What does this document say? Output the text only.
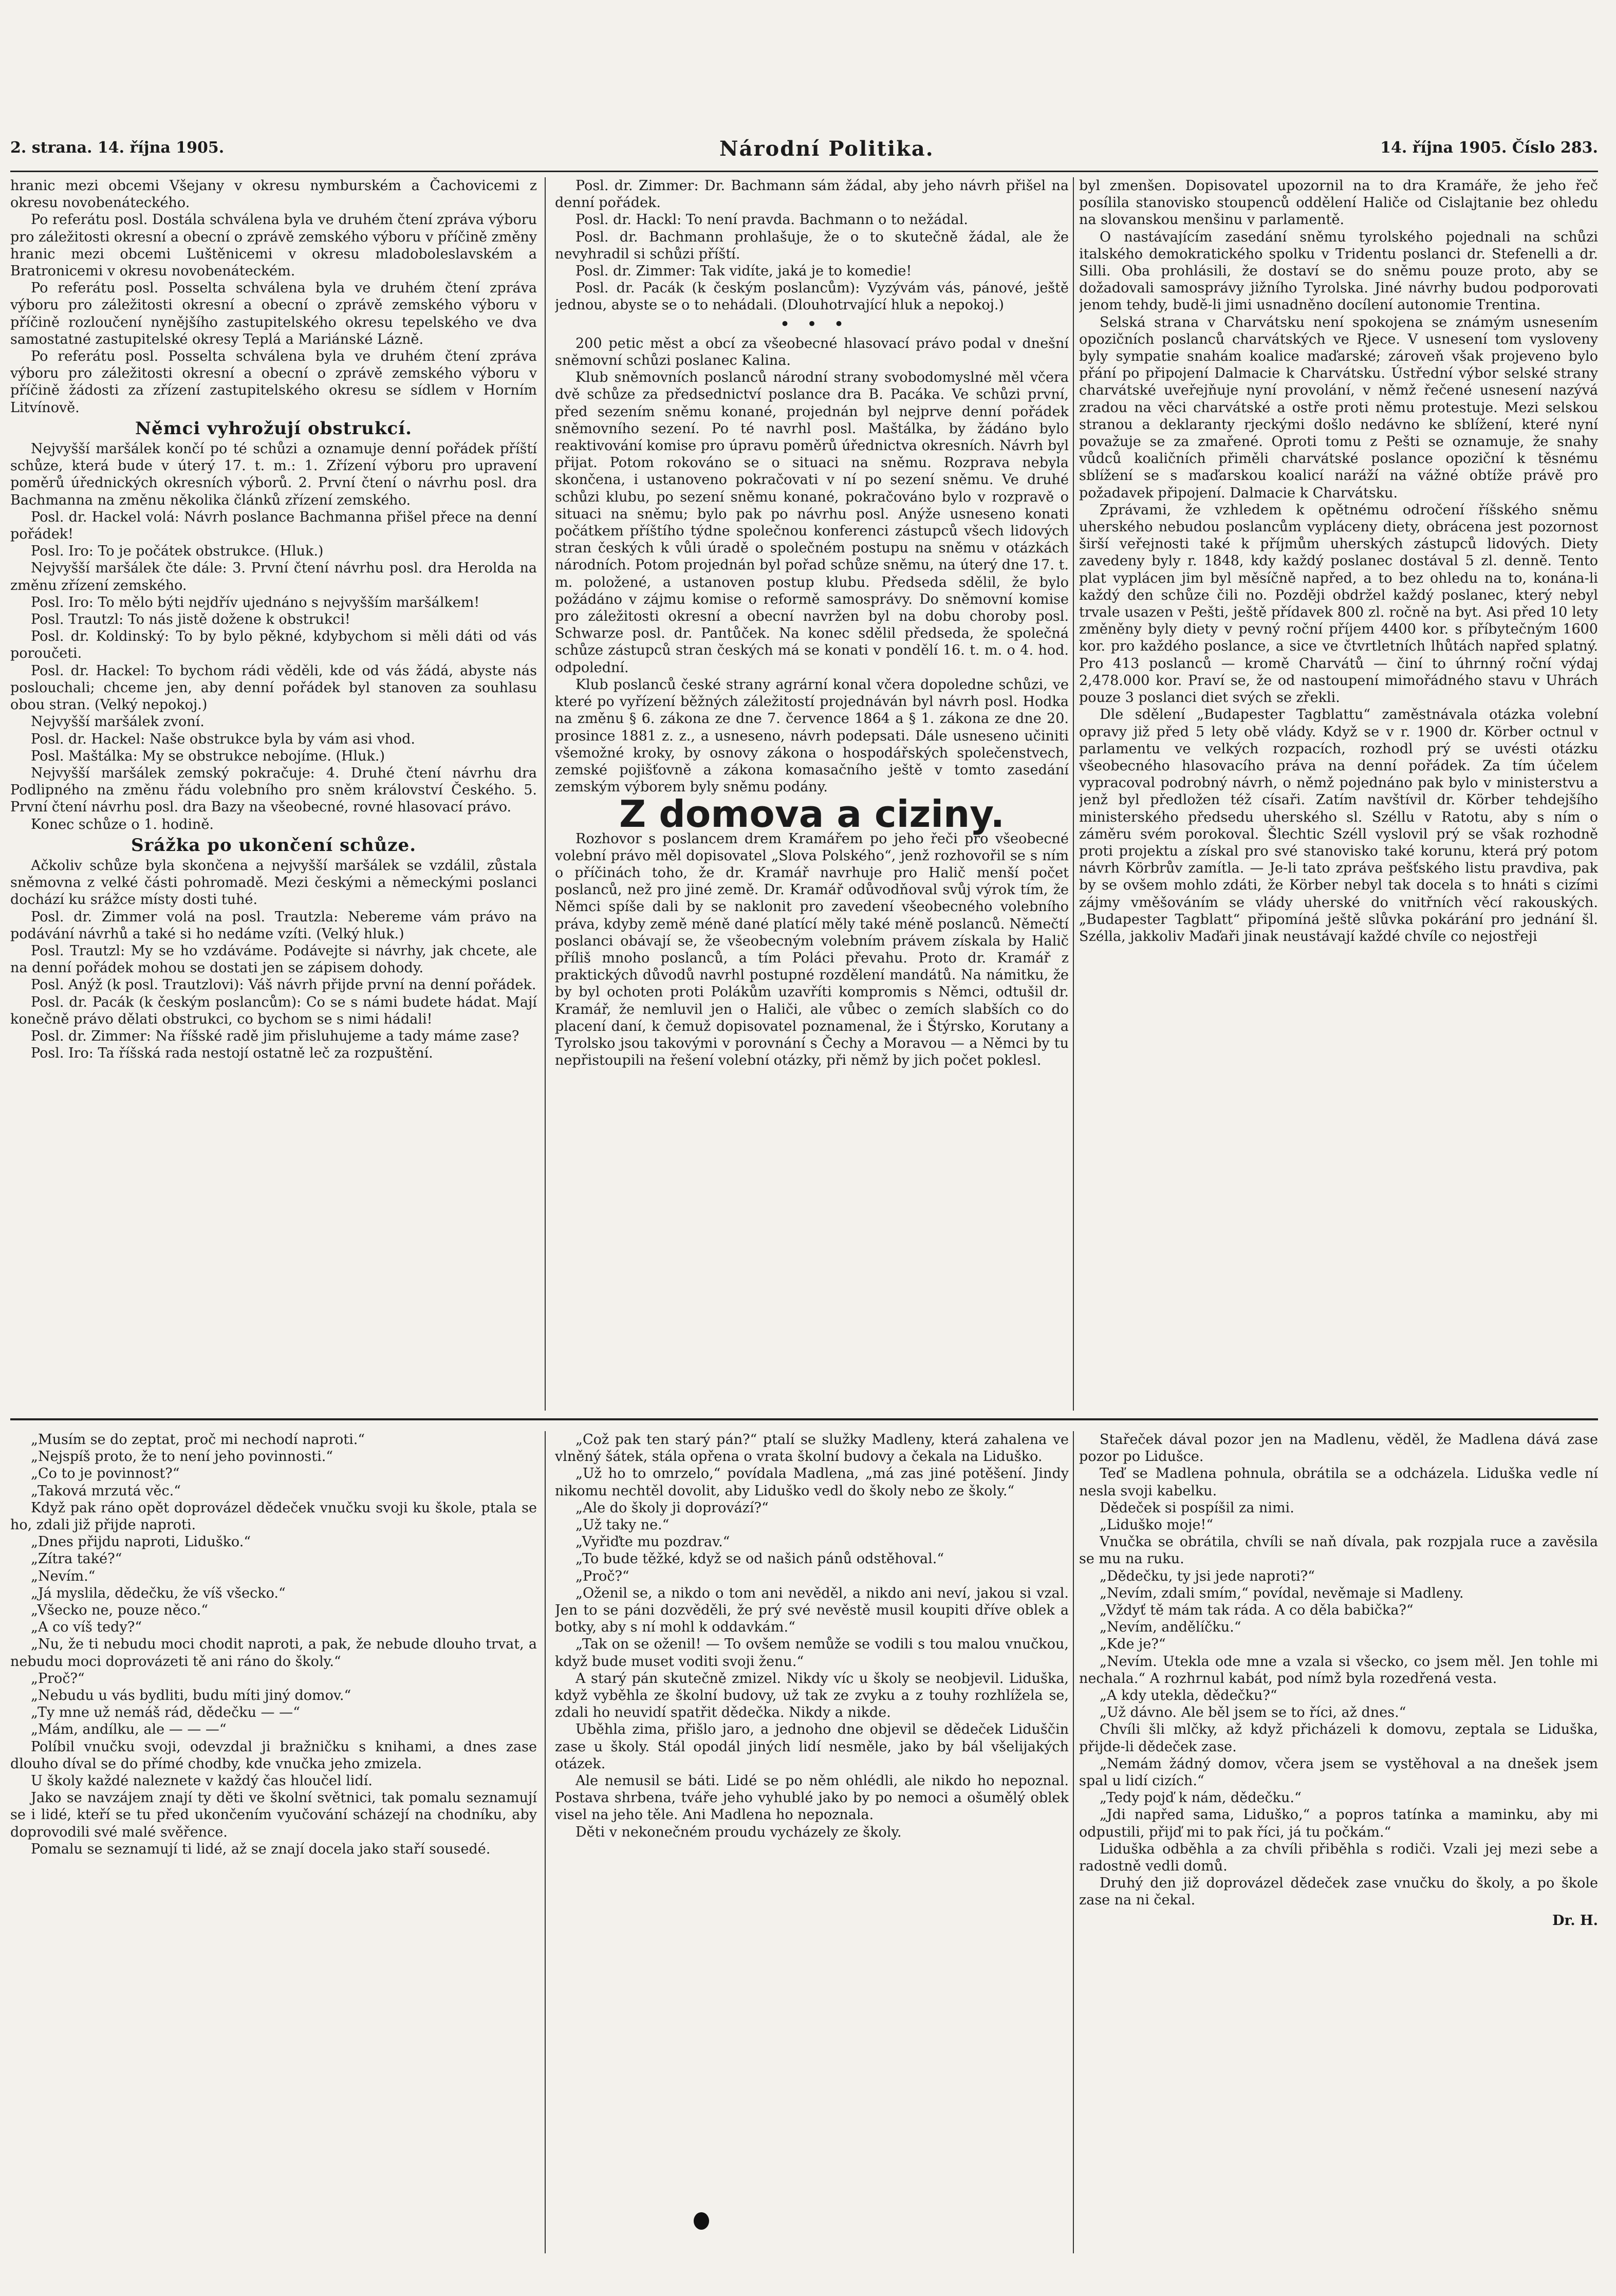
2. strana. 14. října 1905.	Národní Politika.	14. října 1905. Číslo 283.

hranic mezi obcemi Všejany v okresu nymburském a Čachovicemi z okresu novobenáteckého.

Po referátu posl. Dostála schválena byla ve druhém čtení zpráva výboru pro záležitosti okresní a obecní o zprávě zemského výboru v příčině změny hranic mezi obcemi Luštěnicemi v okresu mladoboleslavském a Bratronicemi v okresu novobenáteckém.

Po referátu posl. Posselta schválena byla ve druhém čtení zpráva výboru pro záležitosti okresní a obecní o zprávě zemského výboru v příčině rozloučení nynějšího zastupitelského okresu tepelského ve dva samostatné zastupitelské okresy Teplá a Mariánské Lázně.

Po referátu posl. Posselta schválena byla ve druhém čtení zpráva výboru pro záležitosti okresní a obecní o zprávě zemského výboru v příčině žádosti za zřízení zastupitelského okresu se sídlem v Horním Litvínově.

Němci vyhrožují obstrukcí.

Nejvyšší maršálek končí po té schůzi a oznamuje denní pořádek příští schůze, která bude v úterý 17. t. m.: 1. Zřízení výboru pro upravení poměrů úřednických okresních výborů. 2. První čtení o návrhu posl. dra Bachmanna na změnu několika článků zřízení zemského.

Posl. dr. Hackel volá: Návrh poslance Bachmanna přišel přece na denní pořádek!

Posl. Iro: To je počátek obstrukce. (Hluk.)

Nejvyšší maršálek čte dále: 3. První čtení návrhu posl. dra Herolda na změnu zřízení zemského.

Posl. Iro: To mělo býti nejdřív ujednáno s nejvyšším maršálkem!

Posl. Trautzl: To nás jistě dožene k obstrukci!

Posl. dr. Koldinský: To by bylo pěkné, kdybychom si měli dáti od vás poroučeti.

Posl. dr. Hackel: To bychom rádi věděli, kde od vás žádá, abyste nás poslouchali; chceme jen, aby denní pořádek byl stanoven za souhlasu obou stran. (Velký nepokoj.)

Nejvyšší maršálek zvoní.

Posl. dr. Hackel: Naše obstrukce byla by vám asi vhod.

Posl. Maštálka: My se obstrukce nebojíme. (Hluk.)

Nejvyšší maršálek zemský pokračuje: 4. Druhé čtení návrhu dra Podlipného na změnu řádu volebního pro sněm království Českého. 5. První čtení návrhu posl. dra Bazy na všeobecné, rovné hlasovací právo.

Konec schůze o 1. hodině.

Srážka po ukončení schůze.

Ačkoliv schůze byla skončena a nejvyšší maršálek se vzdálil, zůstala sněmovna z velké části pohromadě. Mezi českými a německými poslanci dochází ku srážce místy dosti tuhé.

Posl. dr. Zimmer volá na posl. Trautzla: Neberemе vám právo na podávání návrhů a také si ho nedáme vzíti. (Velký hluk.)

Posl. Trautzl: My se ho vzdáváme. Podávejte si návrhy, jak chcete, ale na denní pořádek mohou se dostati jen se zápisem dohody.

Posl. Anýž (k posl. Trautzlovi): Váš návrh přijde první na denní pořádek.

Posl. dr. Pacák (k českým poslancům): Co se s námi budete hádat. Mají konečně právo dělati obstrukci, co bychom se s nimi hádali!

Posl. dr. Zimmer: Na říšské radě jim přisluhujeme a tady máme zase?

Posl. Iro: Ta říšská rada nestojí ostatně leč za rozpuštění.

Posl. dr. Zimmer: Dr. Bachmann sám žádal, aby jeho návrh přišel na denní pořádek.

Posl. dr. Hackl: To není pravda. Bachmann o to nežádal.

Posl. dr. Bachmann prohlašuje, že o to skutečně žádal, ale že nevyhradil si schůzi příští.

Posl. dr. Zimmer: Tak vidíte, jaká je to komedie!

Posl. dr. Pacák (k českým poslancům): Vyzývám vás, pánové, ještě jednou, abyste se o to nehádali. (Dlouhotrvající hluk a nepokoj.)

•   •   •

200 petic měst a obcí za všeobecné hlasovací právo podal v dnešní sněmovní schůzi poslanec Kalina.

Klub sněmovních poslanců národní strany svobodomyslné měl včera dvě schůze za předsednictví poslance dra B. Pacáka. Ve schůzi první, před sezením sněmu konané, projednán byl nejprve denní pořádek sněmovního sezení. Po té navrhl posl. Maštálka, by žádáno bylo reaktivování komise pro úpravu poměrů úřednictva okresních. Návrh byl přijat. Potom rokováno se o situaci na sněmu. Rozprava nebyla skončena, i ustanoveno pokračovati v ní po sezení sněmu. Ve druhé schůzi klubu, po sezení sněmu konané, pokračováno bylo v rozpravě o situaci na sněmu; bylo pak po návrhu posl. Anýže usneseno konati počátkem příštího týdne společnou konferenci zástupců všech lidových stran českých k vůli úradě o společném postupu na sněmu v otázkách národních. Potom projednán byl pořad schůze sněmu, na úterý dne 17. t. m. položené, a ustanoven postup klubu. Předseda sdělil, že bylo požádáno v zájmu komise o reformě samosprávy. Do sněmovní komise pro záležitosti okresní a obecní navržen byl na dobu choroby posl. Schwarze posl. dr. Pantůček. Na konec sdělil předseda, že společná schůze zástupců stran českých má se konati v pondělí 16. t. m. o 4. hod. odpolední.

Klub poslanců české strany agrární konal včera dopoledne schůzi, ve které po vyřízení běžných záležitostí projednáván byl návrh posl. Hodka na změnu § 6. zákona ze dne 7. července 1864 a § 1. zákona ze dne 20. prosince 1881 z. z., a usneseno, návrh podepsati. Dále usneseno učiniti všemožné kroky, by osnovy zákona o hospodářských společenstvech, zemské pojišťovně a zákona komasačního ještě v tomto zasedání zemským výborem byly sněmu podány.

Z domova a ciziny.

Rozhovor s poslancem drem Kramářem po jeho řeči pro všeobecné volební právo měl dopisovatel „Slova Polského“, jenž rozhovořil se s ním o příčinách toho, že dr. Kramář navrhuje pro Halič menší počet poslanců, než pro jiné země. Dr. Kramář odůvodňoval svůj výrok tím, že Němci spíše dali by se naklonit pro zavedení všeobecného volebního práva, kdyby země méně dané platící měly také méně poslanců. Němečtí poslanci obávají se, že všeobecným volebním právem získala by Halič příliš mnoho poslanců, a tím Poláci převahu. Proto dr. Kramář z praktických důvodů navrhl postupné rozdělení mandátů. Na námitku, že by byl ochoten proti Polákům uzavříti kompromis s Němci, odtušil dr. Kramář, že nemluvil jen o Haliči, ale vůbec o zemích slabších co do placení daní, k čemuž dopisovatel poznamenal, že i Štýrsko, Korutany a Tyrolsko jsou takovými v porovnání s Čechy a Moravou — a Němci by tu nepřistoupili na řešení volební otázky, při němž by jich počet poklesl.

byl zmenšen. Dopisovatel upozornil na to dra Kramáře, že jeho řeč posílila stanovisko stoupenců oddělení Haliče od Cislajtanie bez ohledu na slovanskou menšinu v parlamentě.

O nastávajícím zasedání sněmu tyrolského pojednali na schůzi italského demokratického spolku v Tridentu poslanci dr. Stefenelli a dr. Silli. Oba prohlásili, že dostaví se do sněmu pouze proto, aby se dožadovali samosprávy jižního Tyrolska. Jiné návrhy budou podporovati jenom tehdy, budě-li jimi usnadněno docílení autonomie Trentina.

Selská strana v Charvátsku není spokojena se známým usnesením opozičních poslanců charvátských ve Rjece. V usnesení tom vysloveny byly sympatie snahám koalice maďarské; zároveň však projeveno bylo přání po připojení Dalmacie k Charvátsku. Ústřední výbor selské strany charvátské uveřejňuje nyní provolání, v němž řečené usnesení nazývá zradou na věci charvátské a ostře proti němu protestuje. Mezi selskou stranou a deklaranty rjeckými došlo nedávno ke sblížení, které nyní považuje se za zmařené. Oproti tomu z Pešti se oznamuje, že snahy vůdců koaličních přiměli charvátské poslance opoziční k těsnému sblížení se s maďarskou koalicí naráží na vážné obtíže právě pro požadavek připojení. Dalmacie k Charvátsku.

Zprávami, že vzhledem k opětnému odročení říšského sněmu uherského nebudou poslancům vypláceny diety, obrácena jest pozornost širší veřejnosti také k příjmům uherských zástupců lidových. Diety zavedeny byly r. 1848, kdy každý poslanec dostával 5 zl. denně. Tento plat vyplácen jim byl měsíčně napřed, a to bez ohledu na to, konána-li každý den schůze čili no. Později obdržel každý poslanec, který nebyl trvale usazen v Pešti, ještě přídavek 800 zl. ročně na byt. Asi před 10 lety změněny byly diety v pevný roční příjem 4400 kor. s příbytečným 1600 kor. pro každého poslance, a sice ve čtvrtletních lhůtách napřed splatný. Pro 413 poslanců — kromě Charvátů — činí to úhrnný roční výdaj 2,478.000 kor. Praví se, že od nastoupení mimořádného stavu v Uhrách pouze 3 poslanci diet svých se zřekli.

Dle sdělení „Budapester Tagblattu“ zaměstnávala otázka volební opravy již před 5 lety obě vlády. Když se v r. 1900 dr. Körber octnul v parlamentu ve velkých rozpacích, rozhodl prý se uvésti otázku všeobecného hlasovacího práva na denní pořádek. Za tím účelem vypracoval podrobný návrh, o němž pojednáno pak bylo v ministerstvu a jenž byl předložen též císaři. Zatím navštívil dr. Körber tehdejšího ministerského předsedu uherského sl. Széllu v Ratotu, aby s ním o záměru svém porokoval. Šlechtic Széll vyslovil prý se však rozhodně proti projektu a získal pro své stanovisko také korunu, která prý potom návrh Körbrův zamítla. — Je-li tato zpráva pešťského listu pravdiva, pak by se ovšem mohlo zdáti, že Körber nebyl tak docela s to hnáti s cizími zájmy vměšováním se vlády uherské do vnitřních věcí rakouských. „Budapester Tagblatt“ připomíná ještě slůvka pokárání pro jednání šl. Szélla, jakkoliv Maďaři jinak neustávají každé chvíle co nejostřeji

„Musím se do zeptat, proč mi nechodí naproti.“

„Nejspíš proto, že to není jeho povinnosti.“

„Co to je povinnost?“

„Taková mrzutá věc.“

Když pak ráno opět doprovázel dědeček vnučku svoji ku škole, ptala se ho, zdali již přijde naproti.

„Dnes přijdu naproti, Liduško.“

„Zítra také?“

„Nevím.“

„Já myslila, dědečku, že víš všecko.“

„Všecko ne, pouze něco.“

„A co víš tedy?“

„Nu, že ti nebudu moci chodit naproti, a pak, že nebude dlouho trvat, a nebudu moci doprovázeti tě ani ráno do školy.“

„Proč?“

„Nebudu u vás bydliti, budu míti jiný domov.“

„Ty mne už nemáš rád, dědečku — —“

„Mám, andílku, ale — — —“

Políbil vnučku svoji, odevzdal ji bražničku s knihami, a dnes zase dlouho díval se do přímé chodby, kde vnučka jeho zmizela.

U školy každé naleznete v každý čas hloučel lidí.

Jako se navzájem znají ty děti ve školní světnici, tak pomalu seznamují se i lidé, kteří se tu před ukončením vyučování scházejí na chodníku, aby doprovodili své malé svěřence.

Pomalu se seznamují ti lidé, až se znají docela jako staří sousedé.

„Což pak ten starý pán?“ ptalí se služky Madleny, která zahalena ve vlněný šátek, stála opřena o vrata školní budovy a čekala na Liduško.

„Už ho to omrzelo,“ povídala Madlena, „má zas jiné potěšení. Jindy nikomu nechtěl dovolit, aby Liduško vedl do školy nebo ze školy.“

„Ale do školy ji doprovází?“

„Už taky ne.“

„Vyřiďte mu pozdrav.“

„To bude těžké, když se od našich pánů odstěhoval.“

„Proč?“

„Oženil se, a nikdo o tom ani nevěděl, a nikdo ani neví, jakou si vzal. Jen to se páni dozvěděli, že prý své nevěstě musil koupiti dříve oblek a botky, aby s ní mohl k oddavkám.“

„Tak on se oženil! — To ovšem nemůže se vodili s tou malou vnučkou, když bude muset voditi svoji ženu.“

A starý pán skutečně zmizel. Nikdy víc u školy se neobjevil. Liduška, když vyběhla ze školní budovy, už tak ze zvyku a z touhy rozhlížela se, zdali ho neuvidí spatřit dědečka. Nikdy a nikde.

Uběhla zima, přišlo jaro, a jednoho dne objevil se dědeček Liduščin zase u školy. Stál opodál jiných lidí nesměle, jako by bál všelijakých otázek.

Ale nemusil se báti. Lidé se po něm ohlédli, ale nikdo ho nepoznal. Postava shrbena, tváře jeho vyhublé jako by po nemoci a ošumělý oblek visel na jeho těle. Ani Madlena ho nepoznala.

Děti v nekonečném proudu vycházely ze školy.

Stařeček dával pozor jen na Madlenu, věděl, že Madlena dává zase pozor po Lidušce.

Teď se Madlena pohnula, obrátila se a odcházela. Liduška vedle ní nesla svoji kabelku.

Dědeček si pospíšil za nimi.

„Liduško moje!“

Vnučka se obrátila, chvíli se naň dívala, pak rozpjala ruce a zavěsila se mu na ruku.

„Dědečku, ty jsi jede naproti?“

„Nevím, zdali smím,“ povídal, nevěmaje si Madleny.

„Vždyť tě mám tak ráda. A co děla babička?“

„Nevím, andělíčku.“

„Kde je?“

„Nevím. Utekla ode mne a vzala si všecko, co jsem měl. Jen tohle mi nechala.“ A rozhrnul kabát, pod nímž byla rozedřená vesta.

„A kdy utekla, dědečku?“

„Už dávno. Ale běl jsem se to říci, až dnes.“

Chvíli šli mlčky, až když přicházeli k domovu, zeptala se Liduška, přijde-li dědeček zase.

„Nemám žádný domov, včera jsem se vystěhoval a na dnešek jsem spal u lidí cizích.“

„Tedy pojď k nám, dědečku.“

„Jdi napřed sama, Liduško,“ a popros tatínka a maminku, aby mi odpustili, přijď mi to pak říci, já tu počkám.“

Liduška odběhla a za chvíli přiběhla s rodiči. Vzali jej mezi sebe a radostně vedli domů.

Druhý den již doprovázel dědeček zase vnučku do školy, a po škole zase na ni čekal.

Dr. H.
